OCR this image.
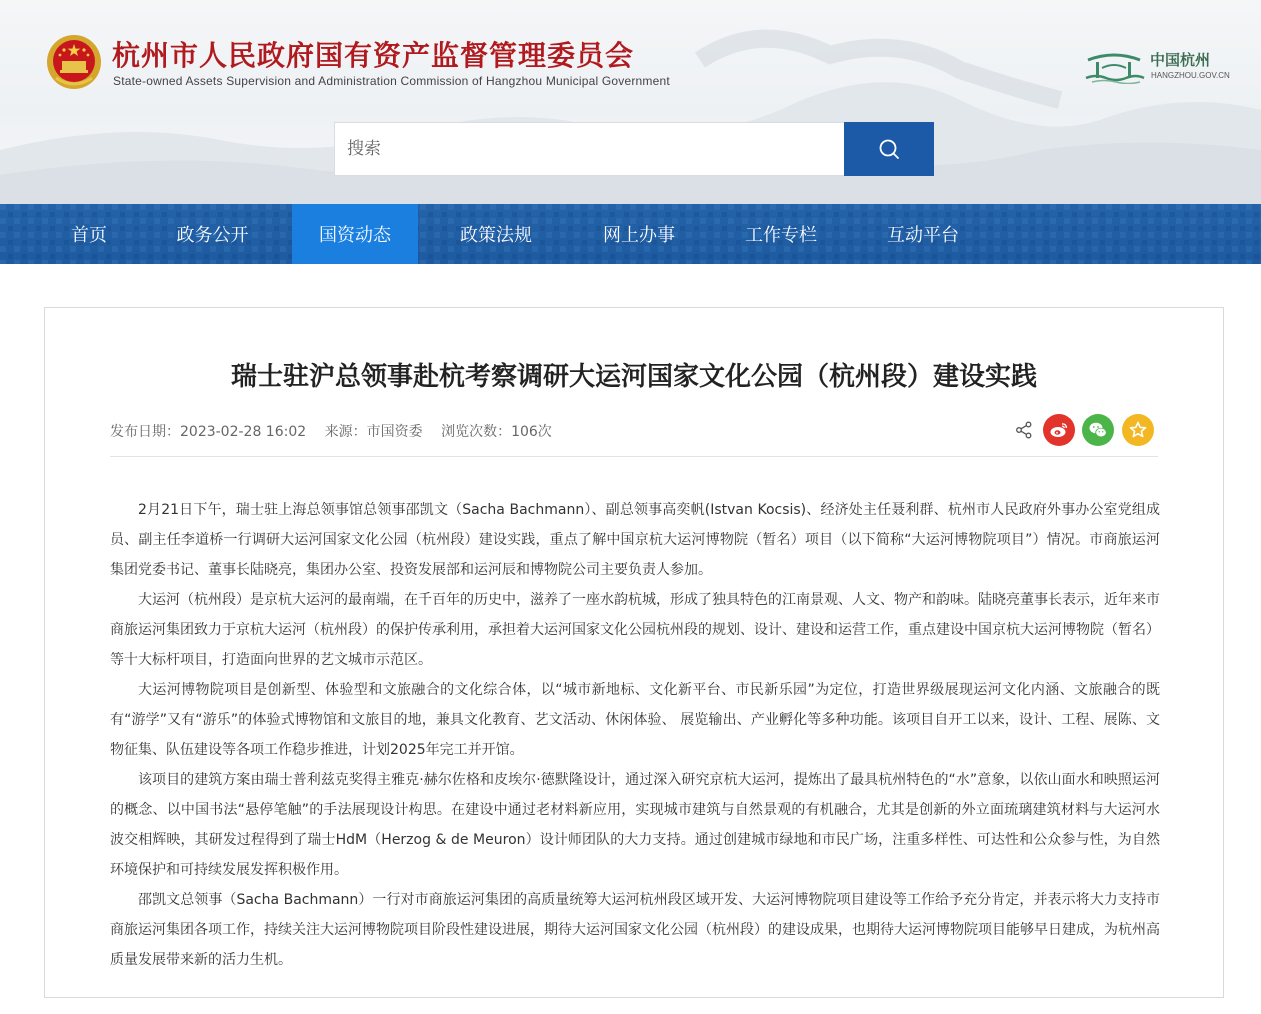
杭州市人民政府国有资产监督管理委员会
State-owned Assets Supervision and Administration Commission of Hangzhou Municipal Government
中国杭州
HANGZHOU.GOV.CN
搜索
首页	政务公开	国资动态	政策法规	网上办事	工作专栏	互动平台
瑞士驻沪总领事赴杭考察调研大运河国家文化公园（杭州段）建设实践
发布日期：2023-02-28 16:02 来源：市国资委 浏览次数：106次

2月21日下午，瑞士驻上海总领事馆总领事邵凯文（Sacha Bachmann）、副总领事高奕帆(Istvan Kocsis)、经济处主任聂利群、杭州市人民政府外事办公室党组成员、副主任李道桥一行调研大运河国家文化公园（杭州段）建设实践，重点了解中国京杭大运河博物院（暂名）项目（以下简称“大运河博物院项目”）情况。市商旅运河集团党委书记、董事长陆晓亮，集团办公室、投资发展部和运河辰和博物院公司主要负责人参加。

大运河（杭州段）是京杭大运河的最南端，在千百年的历史中，滋养了一座水韵杭城，形成了独具特色的江南景观、人文、物产和韵味。陆晓亮董事长表示，近年来市商旅运河集团致力于京杭大运河（杭州段）的保护传承利用，承担着大运河国家文化公园杭州段的规划、设计、建设和运营工作，重点建设中国京杭大运河博物院（暂名）等十大标杆项目，打造面向世界的艺文城市示范区。

大运河博物院项目是创新型、体验型和文旅融合的文化综合体，以“城市新地标、文化新平台、市民新乐园”为定位，打造世界级展现运河文化内涵、文旅融合的既有“游学”又有“游乐”的体验式博物馆和文旅目的地，兼具文化教育、艺文活动、休闲体验、 展览输出、产业孵化等多种功能。该项目自开工以来，设计、工程、展陈、文物征集、队伍建设等各项工作稳步推进，计划2025年完工并开馆。

该项目的建筑方案由瑞士普利兹克奖得主雅克·赫尔佐格和皮埃尔·德默隆设计，通过深入研究京杭大运河，提炼出了最具杭州特色的“水”意象，以依山面水和映照运河的概念、以中国书法“悬停笔触”的手法展现设计构思。在建设中通过老材料新应用，实现城市建筑与自然景观的有机融合，尤其是创新的外立面琉璃建筑材料与大运河水波交相辉映，其研发过程得到了瑞士HdM（Herzog & de Meuron）设计师团队的大力支持。通过创建城市绿地和市民广场，注重多样性、可达性和公众参与性，为自然环境保护和可持续发展发挥积极作用。

邵凯文总领事（Sacha Bachmann）一行对市商旅运河集团的高质量统筹大运河杭州段区域开发、大运河博物院项目建设等工作给予充分肯定，并表示将大力支持市商旅运河集团各项工作，持续关注大运河博物院项目阶段性建设进展，期待大运河国家文化公园（杭州段）的建设成果，也期待大运河博物院项目能够早日建成，为杭州高质量发展带来新的活力生机。
